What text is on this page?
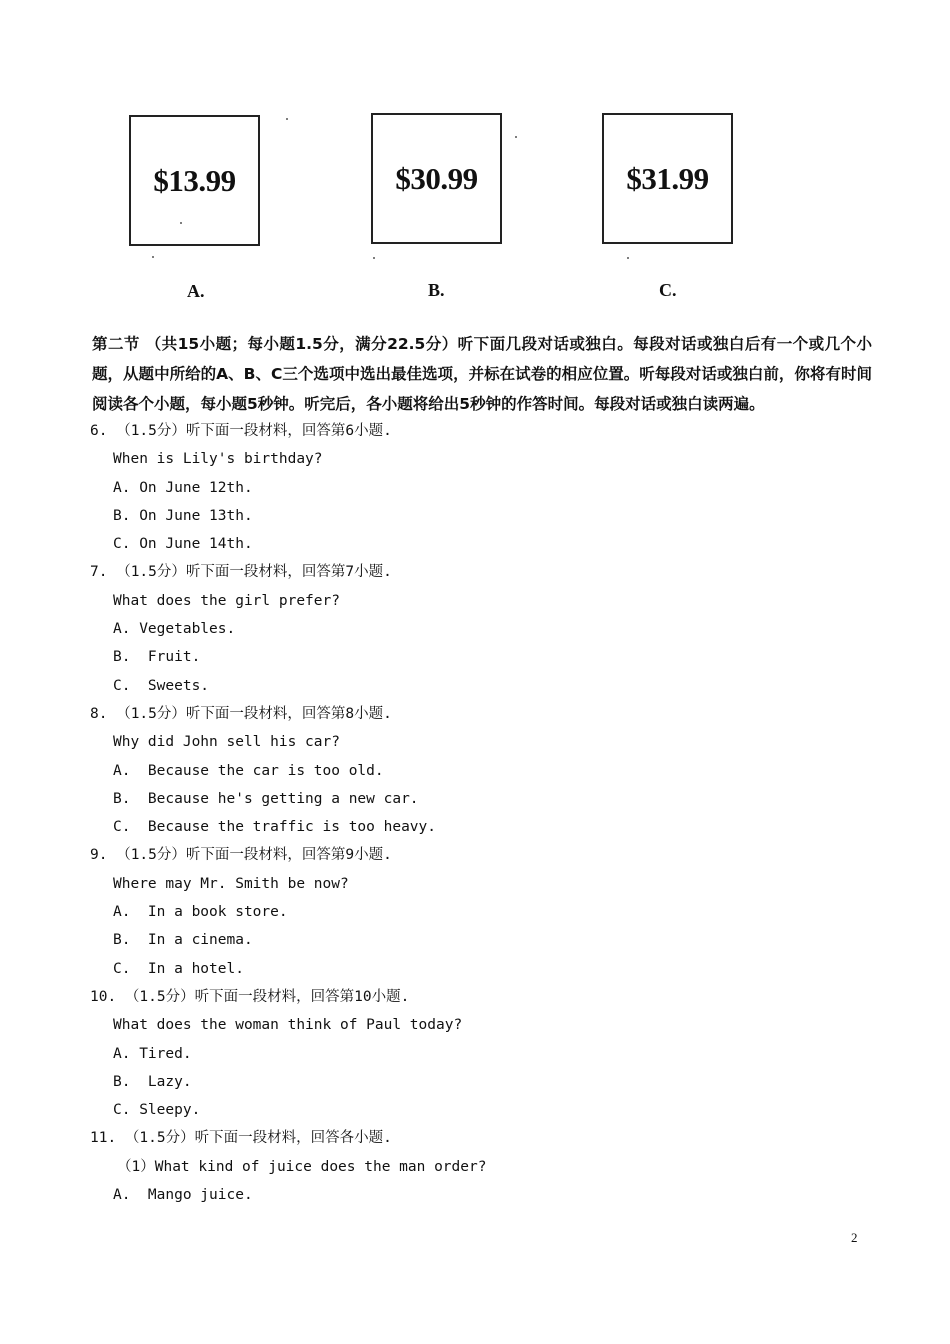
$13.99	$30.99	$31.99
A.	B.	C.
第二节 （共15小题；每小题1.5分，满分22.5分）听下面几段对话或独白。每段对话或独白后有一个或几个小题，从题中所给的A、B、C三个选项中选出最佳选项，并标在试卷的相应位置。听每段对话或独白前，你将有时间阅读各个小题，每小题5秒钟。听完后，各小题将给出5秒钟的作答时间。每段对话或独白读两遍。
6. （1.5分）听下面一段材料，回答第6小题.
When is Lily's birthday?
A. On June 12th.
B. On June 13th.
C. On June 14th.
7. （1.5分）听下面一段材料，回答第7小题.
What does the girl prefer?
A. Vegetables.
B.  Fruit.
C.  Sweets.
8. （1.5分）听下面一段材料，回答第8小题.
Why did John sell his car?
A.  Because the car is too old.
B.  Because he's getting a new car.
C.  Because the traffic is too heavy.
9. （1.5分）听下面一段材料，回答第9小题.
Where may Mr. Smith be now?
A.  In a book store.
B.  In a cinema.
C.  In a hotel.
10. （1.5分）听下面一段材料，回答第10小题.
What does the woman think of Paul today?
A. Tired.
B.  Lazy.
C. Sleepy.
11. （1.5分）听下面一段材料，回答各小题.
（1）What kind of juice does the man order?
A.  Mango juice.
2
